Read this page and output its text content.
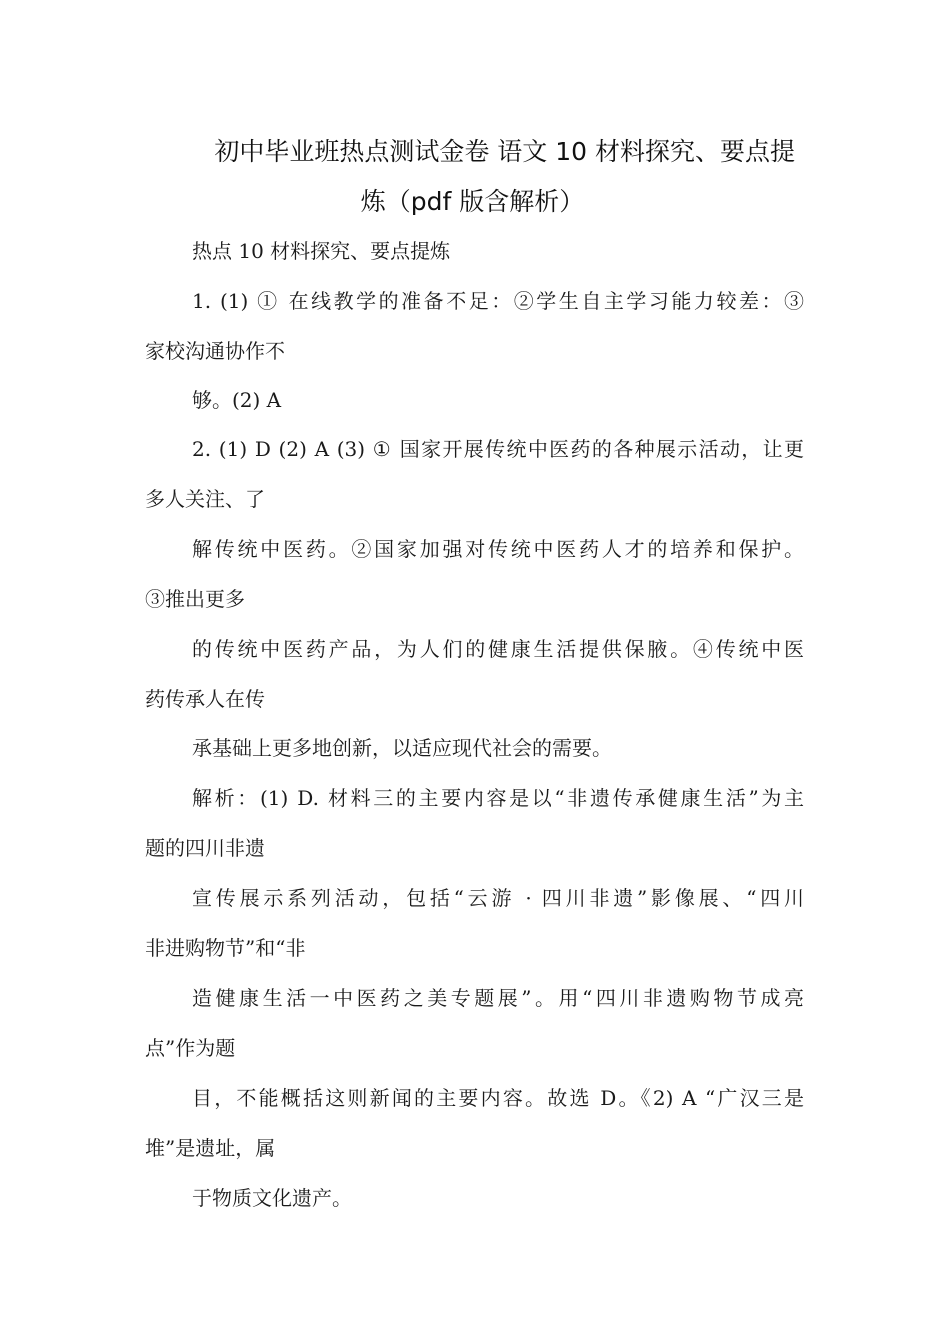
初中毕业班热点测试金卷 语文 10 材料探究、要点提
炼（pdf 版含解析）
热点 10 材料探究、要点提炼
1. (1) ① 在线教学的准备不足：②学生自主学习能力较差：③
家校沟通协作不
够。(2) A
2. (1) D (2) A (3) ① 国家开展传统中医药的各种展示活动，让更
多人关注、了
解传统中医药。②国家加强对传统中医药人才的培养和保护。
③推出更多
的传统中医药产品，为人们的健康生活提供保腋。④传统中医
药传承人在传
承基础上更多地创新，以适应现代社会的需要。
解析：(1) D. 材料三的主要内容是以“非遗传承健康生活”为主
题的四川非遗
宣传展示系列活动，包括“云游 · 四川非遗”影像展、“四川
非进购物节”和“非
造健康生活一中医药之美专题展”。用“四川非遗购物节成亮
点”作为题
目，不能概括这则新闻的主要内容。故选 D。《2) A “广汉三是
堆”是遗址，属
于物质文化遗产。
